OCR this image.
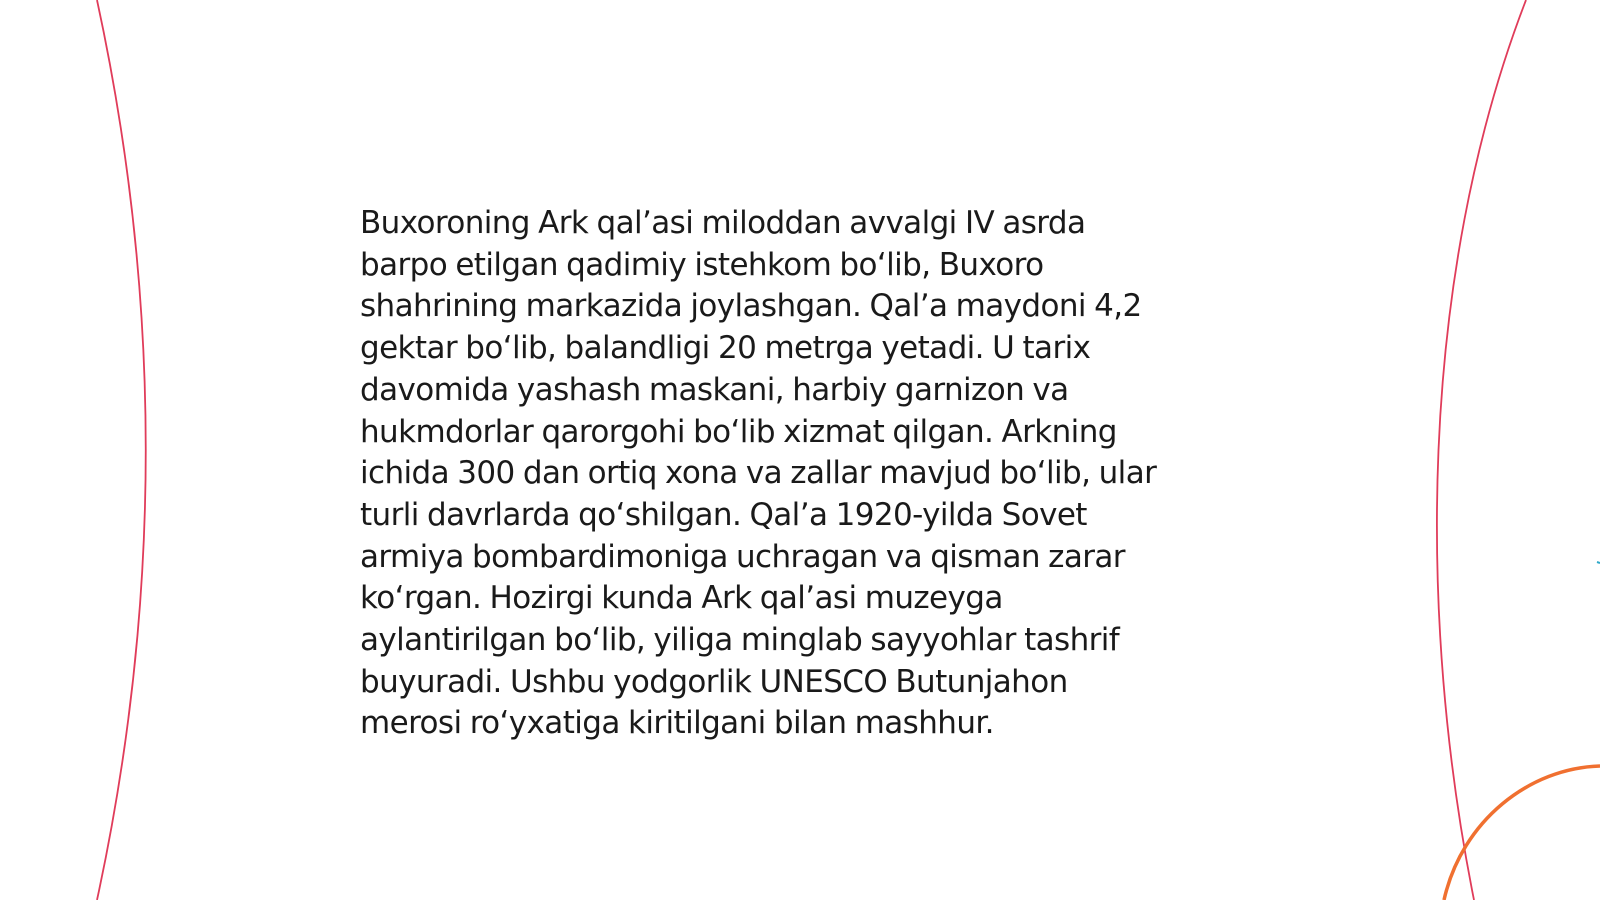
Buxoroning Ark qal’asi miloddan avvalgi IV asrda
barpo etilgan qadimiy istehkom bo‘lib, Buxoro
shahrining markazida joylashgan. Qal’a maydoni 4,2
gektar bo‘lib, balandligi 20 metrga yetadi. U tarix
davomida yashash maskani, harbiy garnizon va
hukmdorlar qarorgohi bo‘lib xizmat qilgan. Arkning
ichida 300 dan ortiq xona va zallar mavjud bo‘lib, ular
turli davrlarda qo‘shilgan. Qal’a 1920-yilda Sovet
armiya bombardimoniga uchragan va qisman zarar
ko‘rgan. Hozirgi kunda Ark qal’asi muzeyga
aylantirilgan bo‘lib, yiliga minglab sayyohlar tashrif
buyuradi. Ushbu yodgorlik UNESCO Butunjahon
merosi ro‘yxatiga kiritilgani bilan mashhur.
